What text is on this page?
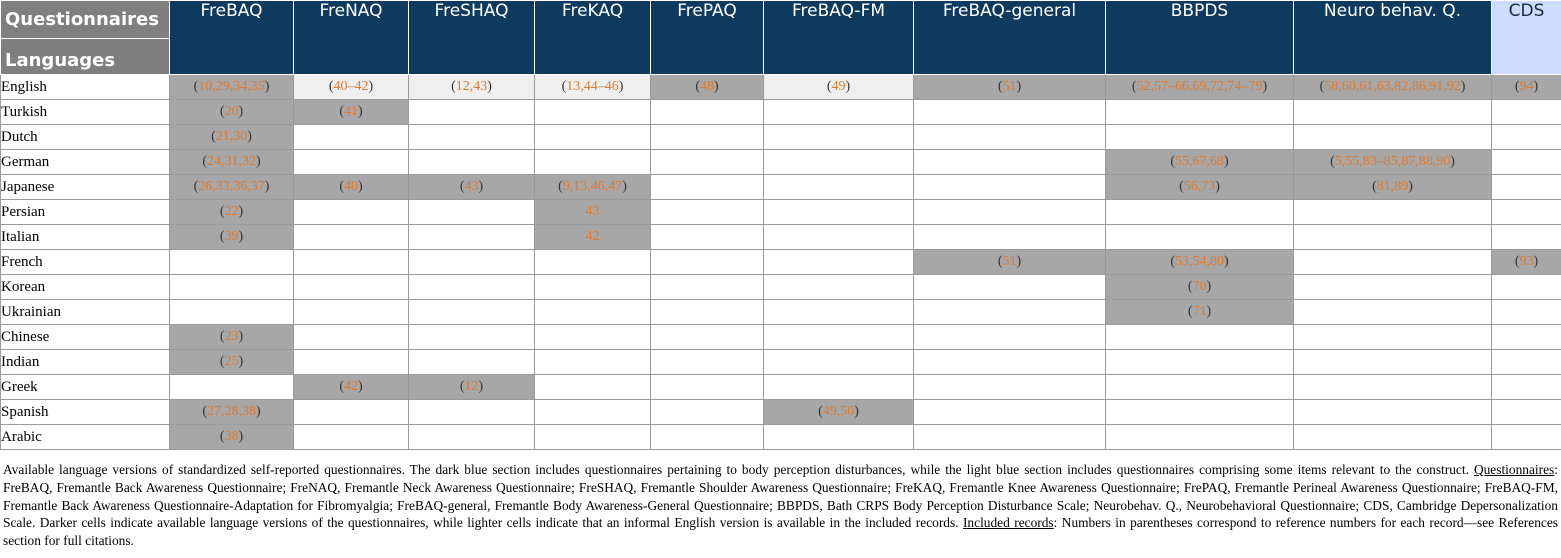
Questionnaires
Languages	FreBAQ	FreNAQ	FreSHAQ	FreKAQ	FrePAQ	FreBAQ-FM	FreBAQ-general	BBPDS	Neuro behav. Q.	CDS
English	(10,29,34,35)	(40–42)	(12,43)	(13,44–46)	(48)	(49)	(51)	(52,57–66,69,72,74–79)	(58,60,61,63,82,86,91,92)	(94)
Turkish	(20)	(41)								
Dutch	(21,30)									
German	(24,31,32)							(55,67,68)	(5,55,83–85,87,88,90)	
Japanese	(26,33,36,37)	(40)	(43)	(9,13,46,47)				(56,73)	(81,89)	
Persian	(22)			43						
Italian	(39)			42						
French							(51)	(53,54,80)		(93)
Korean								(70)		
Ukrainian								(71)		
Chinese	(23)									
Indian	(25)									
Greek		(42)	(12)							
Spanish	(27,28,38)					(49,50)				
Arabic	(38)									
Available language versions of standardized self-reported questionnaires. The dark blue section includes questionnaires pertaining to body perception disturbances, while the light blue section includes questionnaires comprising some items relevant to the construct. Questionnaires: FreBAQ, Fremantle Back Awareness Questionnaire; FreNAQ, Fremantle Neck Awareness Questionnaire; FreSHAQ, Fremantle Shoulder Awareness Questionnaire; FreKAQ, Fremantle Knee Awareness Questionnaire; FrePAQ, Fremantle Perineal Awareness Questionnaire; FreBAQ-FM, Fremantle Back Awareness Questionnaire-Adaptation for Fibromyalgia; FreBAQ-general, Fremantle Body Awareness-General Questionnaire; BBPDS, Bath CRPS Body Perception Disturbance Scale; Neurobehav. Q., Neurobehavioral Questionnaire; CDS, Cambridge Depersonalization Scale. Darker cells indicate available language versions of the questionnaires, while lighter cells indicate that an informal English version is available in the included records. Included records: Numbers in parentheses correspond to reference numbers for each record—see References section for full citations.
